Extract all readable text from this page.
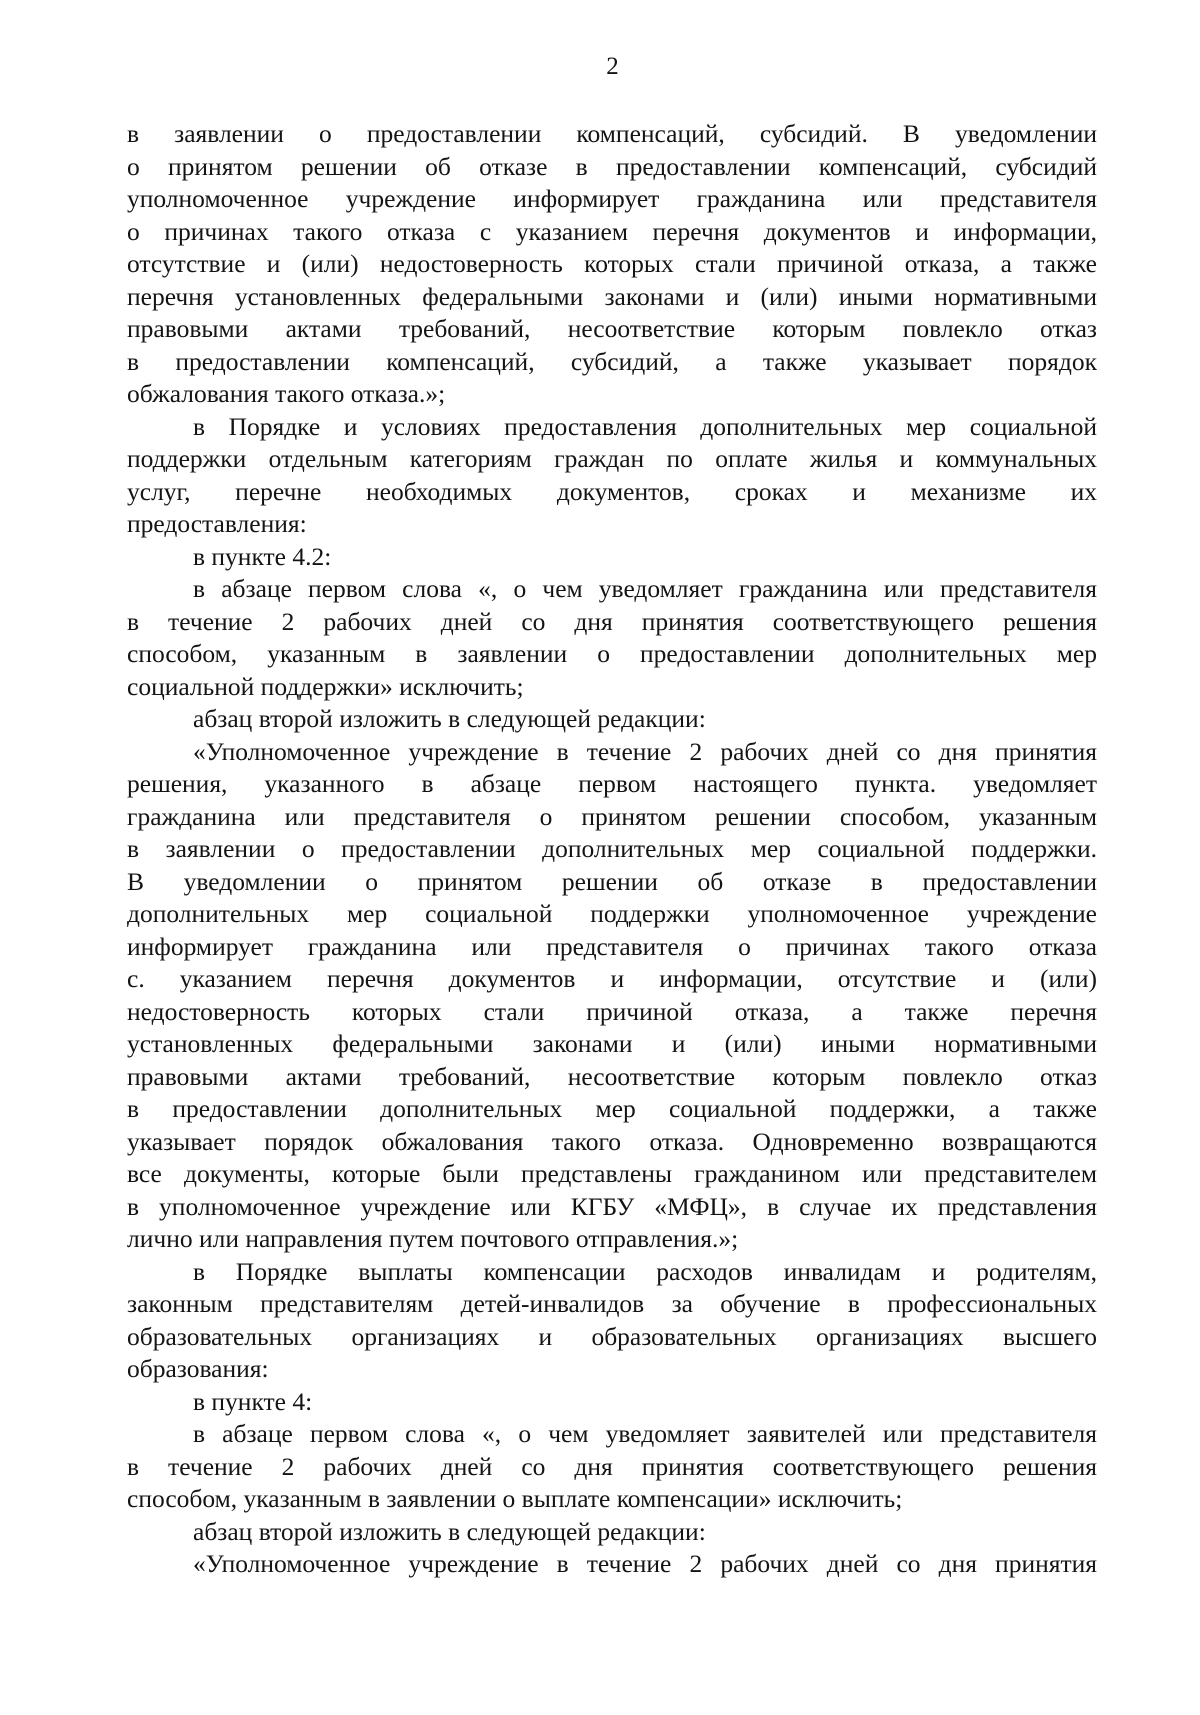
2
в заявлении о предоставлении компенсаций, субсидий. В уведомлении
о принятом решении об отказе в предоставлении компенсаций, субсидий
уполномоченное учреждение информирует гражданина или представителя
о причинах такого отказа с указанием перечня документов и информации,
отсутствие и (или) недостоверность которых стали причиной отказа, а также
перечня установленных федеральными законами и (или) иными нормативными
правовыми актами требований, несоответствие которым повлекло отказ
в предоставлении компенсаций, субсидий, а также указывает порядок
обжалования такого отказа.»;
в Порядке и условиях предоставления дополнительных мер социальной
поддержки отдельным категориям граждан по оплате жилья и коммунальных
услуг, перечне необходимых документов, сроках и механизме их
предоставления:
в пункте 4.2:
в абзаце первом слова «, о чем уведомляет гражданина или представителя
в течение 2 рабочих дней со дня принятия соответствующего решения
способом, указанным в заявлении о предоставлении дополнительных мер
социальной поддержки» исключить;
абзац второй изложить в следующей редакции:
«Уполномоченное учреждение в течение 2 рабочих дней со дня принятия
решения, указанного в абзаце первом настоящего пункта. уведомляет
гражданина или представителя о принятом решении способом, указанным
в заявлении о предоставлении дополнительных мер социальной поддержки.
В уведомлении о принятом решении об отказе в предоставлении
дополнительных мер социальной поддержки уполномоченное учреждение
информирует гражданина или представителя о причинах такого отказа
с. указанием перечня документов и информации, отсутствие и (или)
недостоверность которых стали причиной отказа, а также перечня
установленных федеральными законами и (или) иными нормативными
правовыми актами требований, несоответствие которым повлекло отказ
в предоставлении дополнительных мер социальной поддержки, а также
указывает порядок обжалования такого отказа. Одновременно возвращаются
все документы, которые были представлены гражданином или представителем
в уполномоченное учреждение или КГБУ «МФЦ», в случае их представления
лично или направления путем почтового отправления.»;
в Порядке выплаты компенсации расходов инвалидам и родителям,
законным представителям детей-инвалидов за обучение в профессиональных
образовательных организациях и образовательных организациях высшего
образования:
в пункте 4:
в абзаце первом слова «, о чем уведомляет заявителей или представителя
в течение 2 рабочих дней со дня принятия соответствующего решения
способом, указанным в заявлении о выплате компенсации» исключить;
абзац второй изложить в следующей редакции:
«Уполномоченное учреждение в течение 2 рабочих дней со дня принятия
